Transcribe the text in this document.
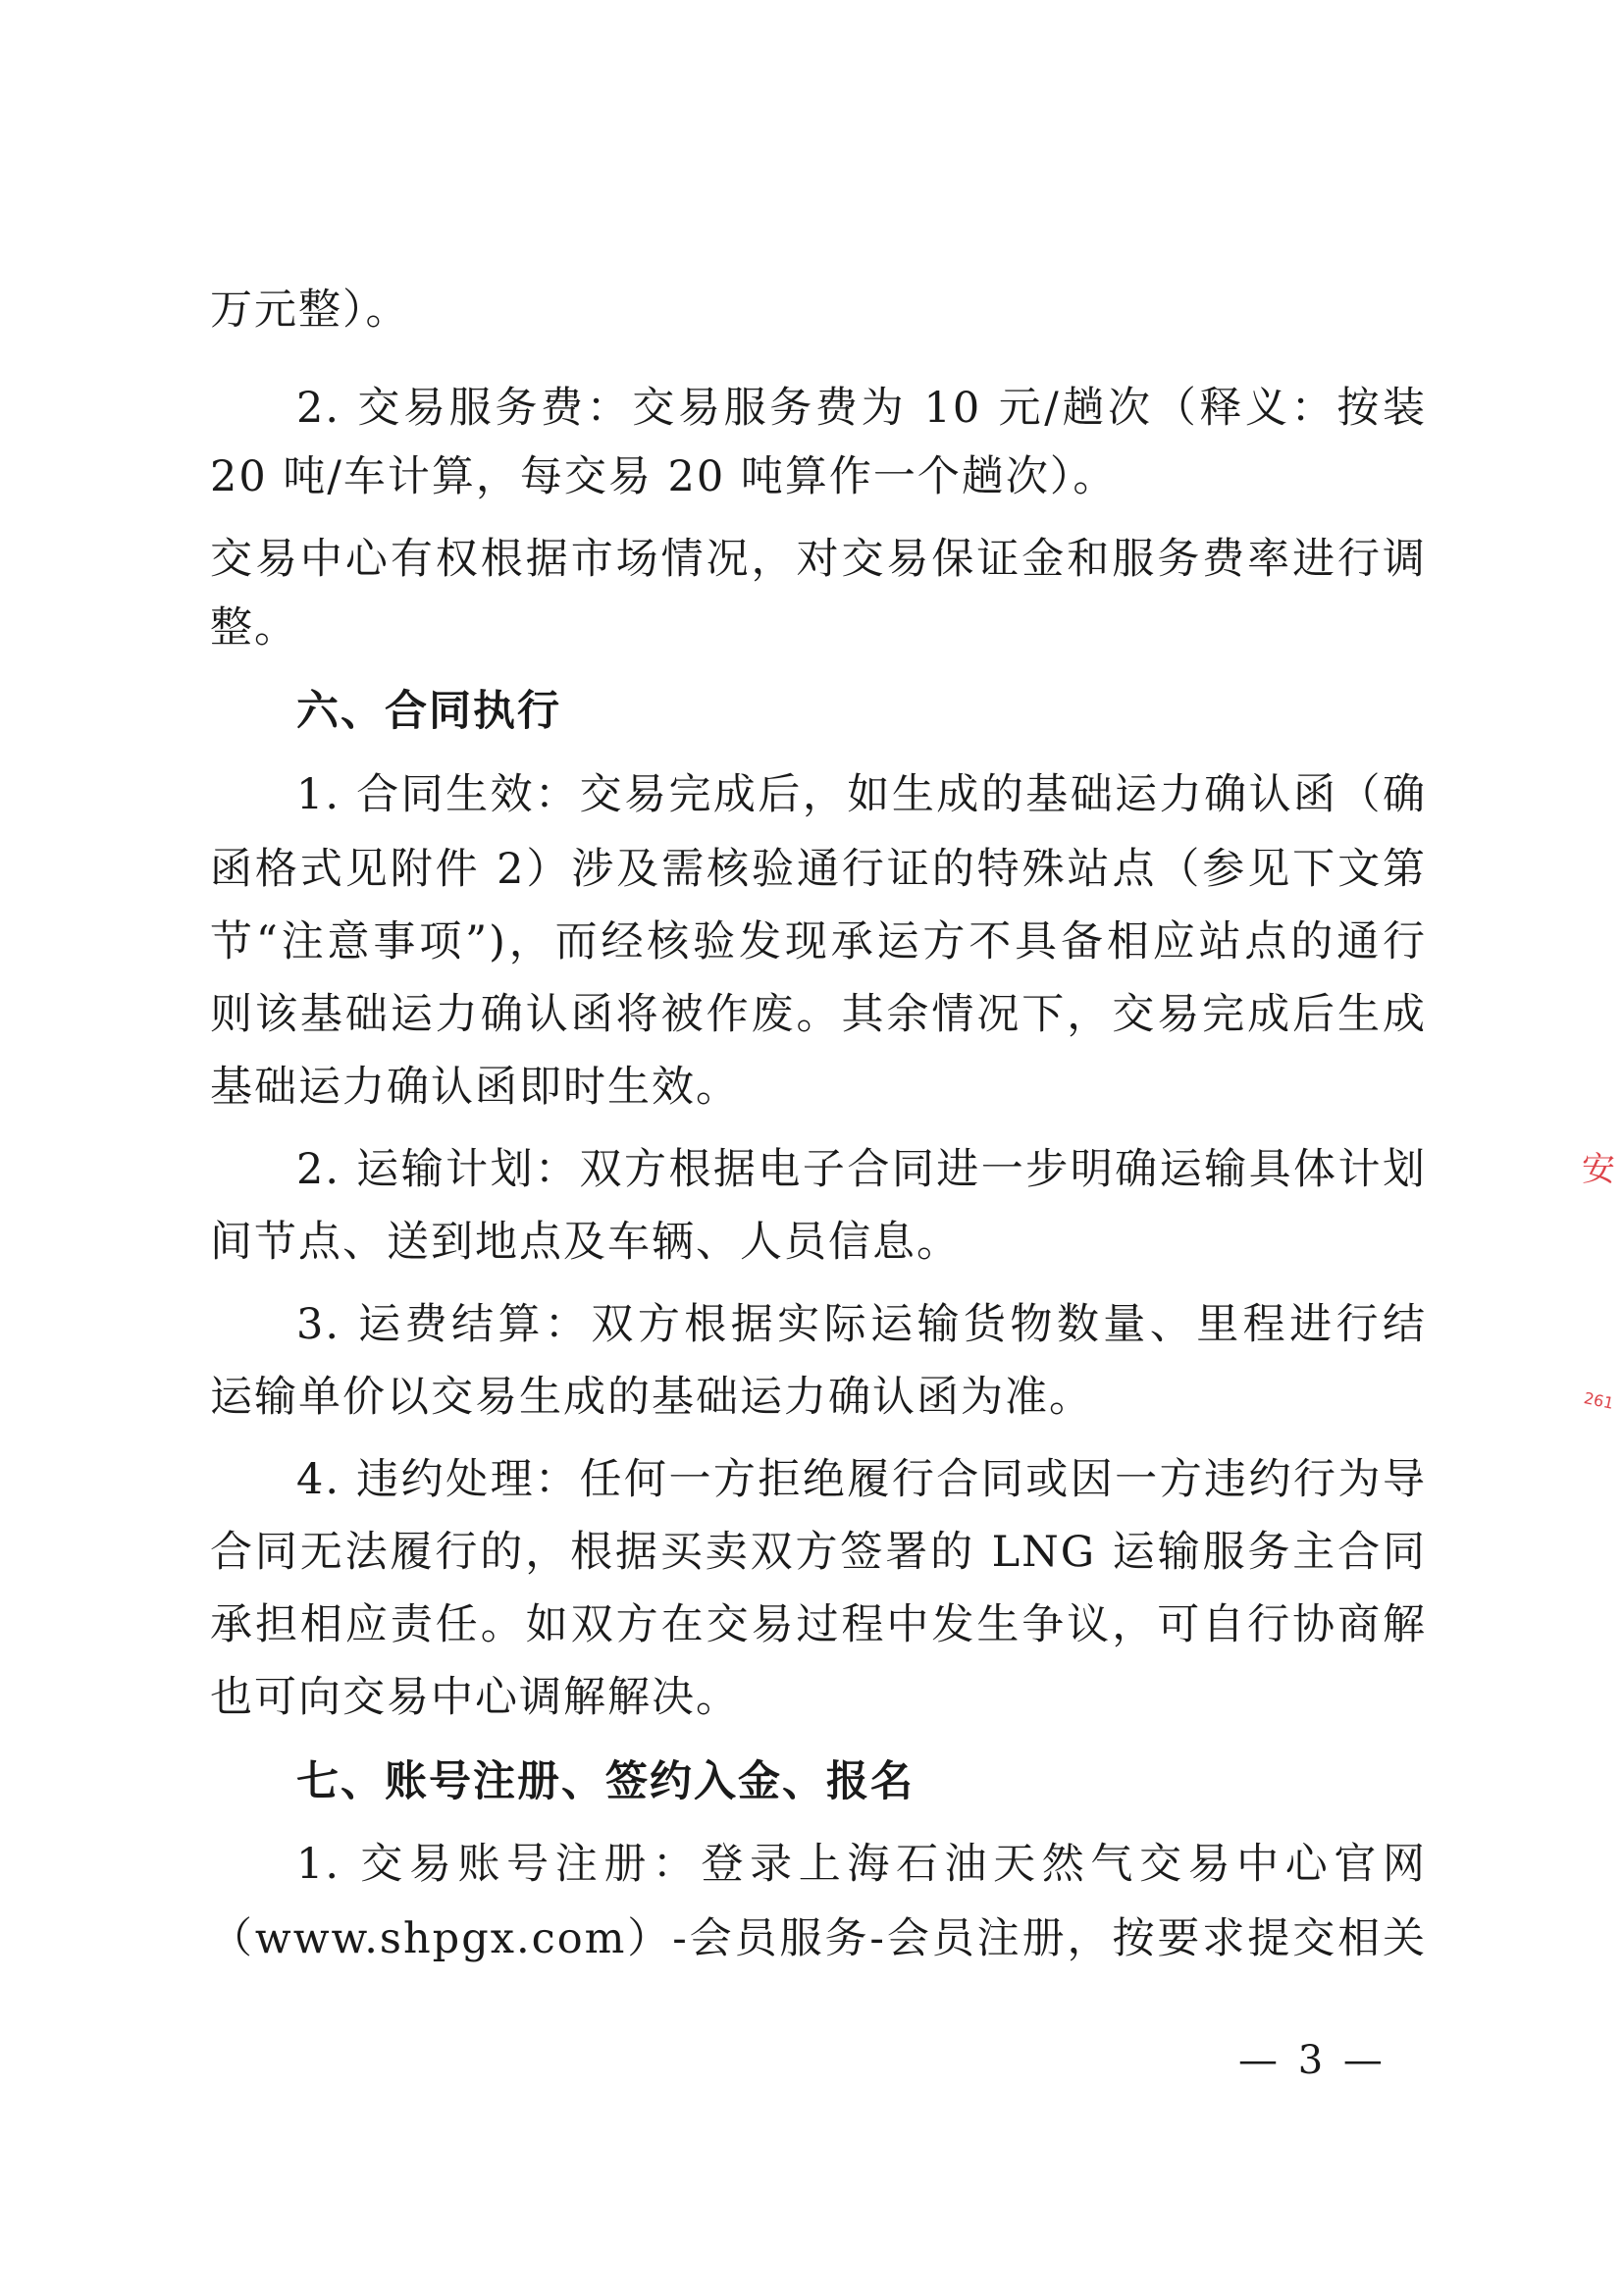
万元整）。
2. 交易服务费：交易服务费为 10 元/趟次（释义：按装
20 吨/车计算，每交易 20 吨算作一个趟次）。
交易中心有权根据市场情况，对交易保证金和服务费率进行调
整。
六、合同执行
1. 合同生效：交易完成后，如生成的基础运力确认函（确
函格式见附件 2）涉及需核验通行证的特殊站点（参见下文第
节“注意事项”)，而经核验发现承运方不具备相应站点的通行
则该基础运力确认函将被作废。其余情况下，交易完成后生成
基础运力确认函即时生效。
2. 运输计划：双方根据电子合同进一步明确运输具体计划
间节点、送到地点及车辆、人员信息。
3. 运费结算：双方根据实际运输货物数量、里程进行结
运输单价以交易生成的基础运力确认函为准。
4. 违约处理：任何一方拒绝履行合同或因一方违约行为导
合同无法履行的，根据买卖双方签署的 LNG 运输服务主合同
承担相应责任。如双方在交易过程中发生争议，可自行协商解
也可向交易中心调解解决。
七、账号注册、签约入金、报名
1. 交易账号注册：登录上海石油天然气交易中心官网
（www.shpgx.com）-会员服务-会员注册，按要求提交相关
— 3 —
安
261
